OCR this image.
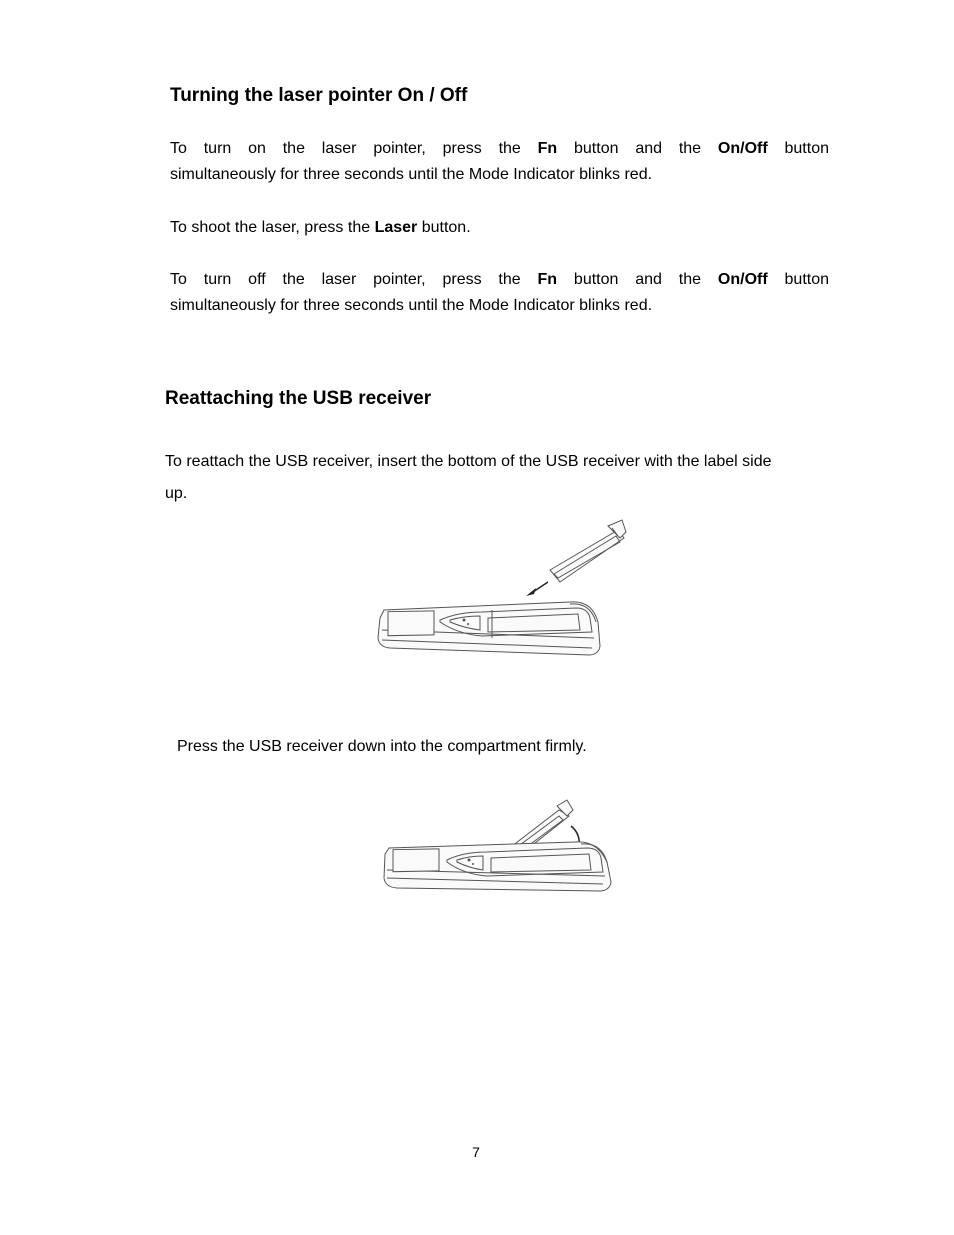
Turning the laser pointer On / Off

To turn on the laser pointer, press the Fn button and the On/Off button
simultaneously for three seconds until the Mode Indicator blinks red.

To shoot the laser, press the Laser button.

To turn off the laser pointer, press the Fn button and the On/Off button
simultaneously for three seconds until the Mode Indicator blinks red.

Reattaching the USB receiver

To reattach the USB receiver, insert the bottom of the USB receiver with the label side
up.

Press the USB receiver down into the compartment firmly.

7
